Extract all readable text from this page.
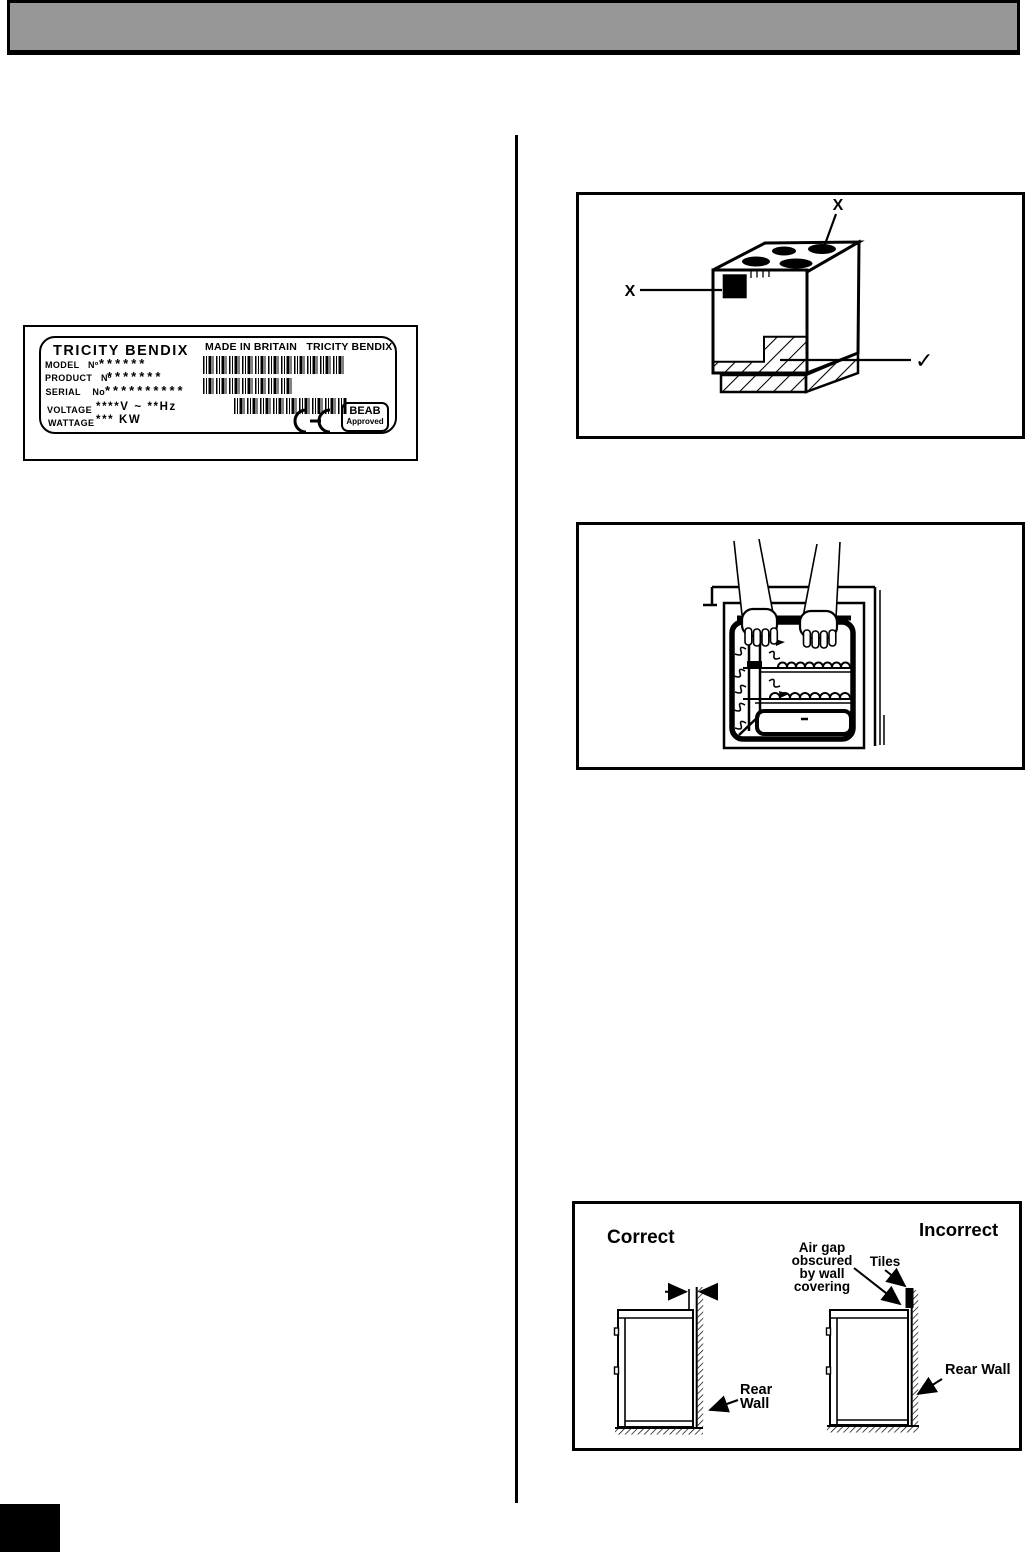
TRICITY BENDIX MADE IN BRITAIN   TRICITY BENDIX
MODEL   Nº ******
PRODUCT   Nº
*******
SERIAL    No **********
VOLTAGE ****V ~ **Hz
WATTAGE *** KW
BEAB
Approved
X
X
✓
Correct	Incorrect
Rear
Wall
Air gap
obscured
by wall
covering
Tiles
Rear Wall
